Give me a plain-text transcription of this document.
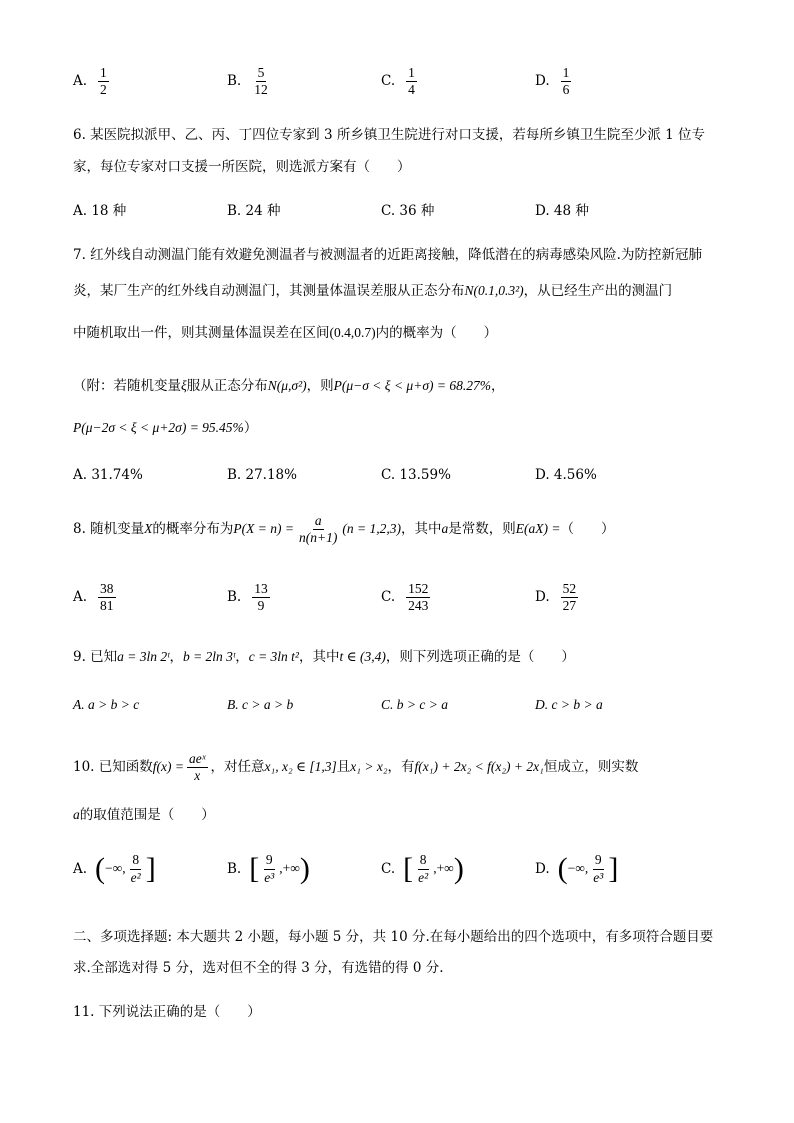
A. $\frac{1}{2}$	B. $\frac{5}{12}$	C. $\frac{1}{4}$	D. $\frac{1}{6}$
6. 某医院拟派甲、乙、丙、丁四位专家到 3 所乡镇卫生院进行对口支援，若每所乡镇卫生院至少派 1 位专
家，每位专家对口支援一所医院，则选派方案有（　　）
A. 18 种	B. 24 种	C. 36 种	D. 48 种
7. 红外线自动测温门能有效避免测温者与被测温者的近距离接触，降低潜在的病毒感染风险.为防控新冠肺
炎，某厂生产的红外线自动测温门，其测量体温误差服从正态分布N(0.1,0.3²)，从已经生产出的测温门
中随机取出一件，则其测量体温误差在区间(0.4,0.7)内的概率为（　　）
（附：若随机变量ξ服从正态分布N(μ,σ²)，则P(μ−σ < ξ < μ+σ) = 68.27%，
P(μ−2σ < ξ < μ+2σ) = 95.45%）
A. 31.74%	B. 27.18%	C. 13.59%	D. 4.56%
8. 随机变量X的概率分布为$P(X = n) = \frac{a}{n(n+1)} (n = 1,2,3)$，其中a是常数，则E(aX) =（　　）
A. $\frac{38}{81}$	B. $\frac{13}{9}$	C. $\frac{152}{243}$	D. $\frac{52}{27}$
9. 已知a = 3ln 2ᵗ，b = 2ln 3ᵗ，c = 3ln t²，其中t ∈ (3,4)，则下列选项正确的是（　　）
A. a > b > c	B. c > a > b	C. b > c > a	D. c > b > a
10. 已知函数$f(x) = \frac{\text{aeˣ}}{x}$ ，对任意x₁, x₂ ∈ [1,3]且x₁ > x₂，有f(x₁) + 2x₂ < f(x₂) + 2x₁恒成立，则实数
a的取值范围是（　　）
A. (−∞, $\frac{8}{\text{e²}}$ ]	B. [ $\frac{9}{\text{e³}}$ ,+∞)	C. [ $\frac{8}{\text{e²}}$ ,+∞)	D. (−∞, $\frac{9}{\text{e³}}$ ]
二、多项选择题: 本大题共 2 小题，每小题 5 分，共 10 分.在每小题给出的四个选项中，有多项符合题目要
求.全部选对得 5 分，选对但不全的得 3 分，有选错的得 0 分.
11. 下列说法正确的是（　　）
